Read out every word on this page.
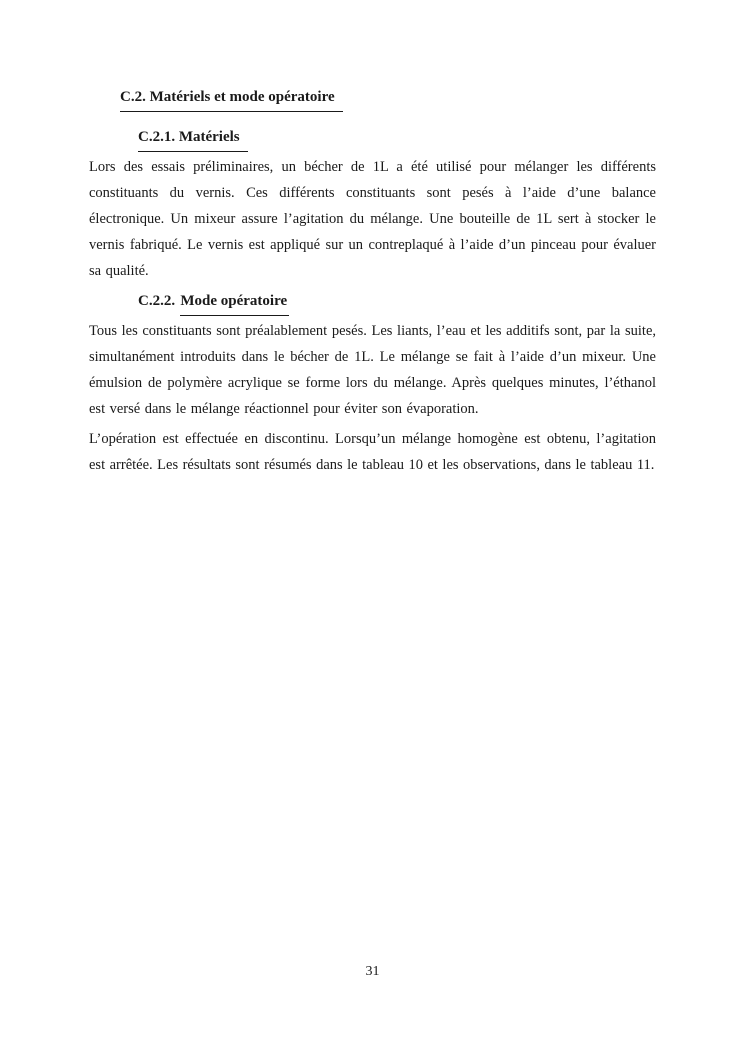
C.2. Matériels et mode opératoire
C.2.1. Matériels

Lors des essais préliminaires, un bécher de 1L a été utilisé pour mélanger les différents constituants du vernis. Ces différents constituants sont pesés à l’aide d’une balance électronique. Un mixeur assure l’agitation du mélange. Une bouteille de 1L sert à stocker le vernis fabriqué. Le vernis est appliqué sur un contreplaqué à l’aide d’un pinceau pour évaluer sa qualité.

C.2.2. Mode opératoire

Tous les constituants sont préalablement pesés. Les liants, l’eau et les additifs sont, par la suite, simultanément introduits dans le bécher de 1L. Le mélange se fait à l’aide d’un mixeur. Une émulsion de polymère acrylique se forme lors du mélange. Après quelques minutes, l’éthanol est versé dans le mélange réactionnel pour éviter son évaporation.

L’opération est effectuée en discontinu. Lorsqu’un mélange homogène est obtenu, l’agitation est arrêtée. Les résultats sont résumés dans le tableau 10 et les observations, dans le tableau 11.

31
